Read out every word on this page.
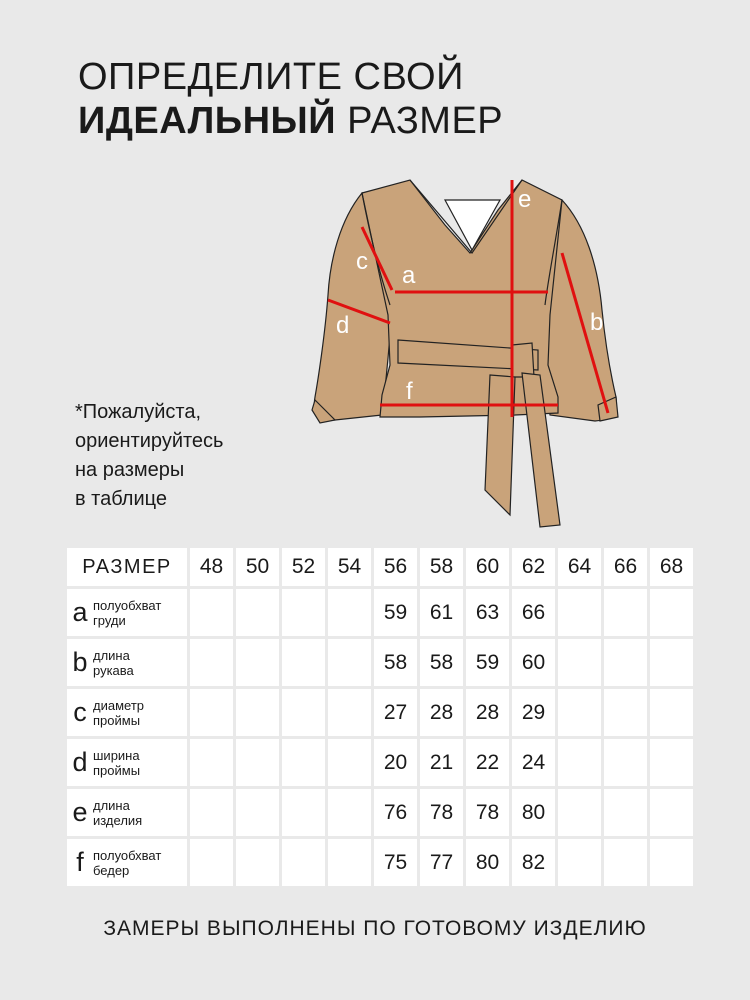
ОПРЕДЕЛИТЕ СВОЙ
ИДЕАЛЬНЫЙ РАЗМЕР
a
b
c
d
e
f
*Пожалуйста,
ориентируйтесь
на размеры
в таблице
РАЗМЕР	48	50	52	54	56	58	60	62	64	66	68

a полуобхват
груди					59	61	63	66			

b длина
рукава					58	58	59	60			

c диаметр
проймы					27	28	28	29			

d ширина
проймы					20	21	22	24			

e длина
изделия					76	78	78	80			

f полуобхват
бедер					75	77	80	82			
ЗАМЕРЫ ВЫПОЛНЕНЫ ПО ГОТОВОМУ ИЗДЕЛИЮ
